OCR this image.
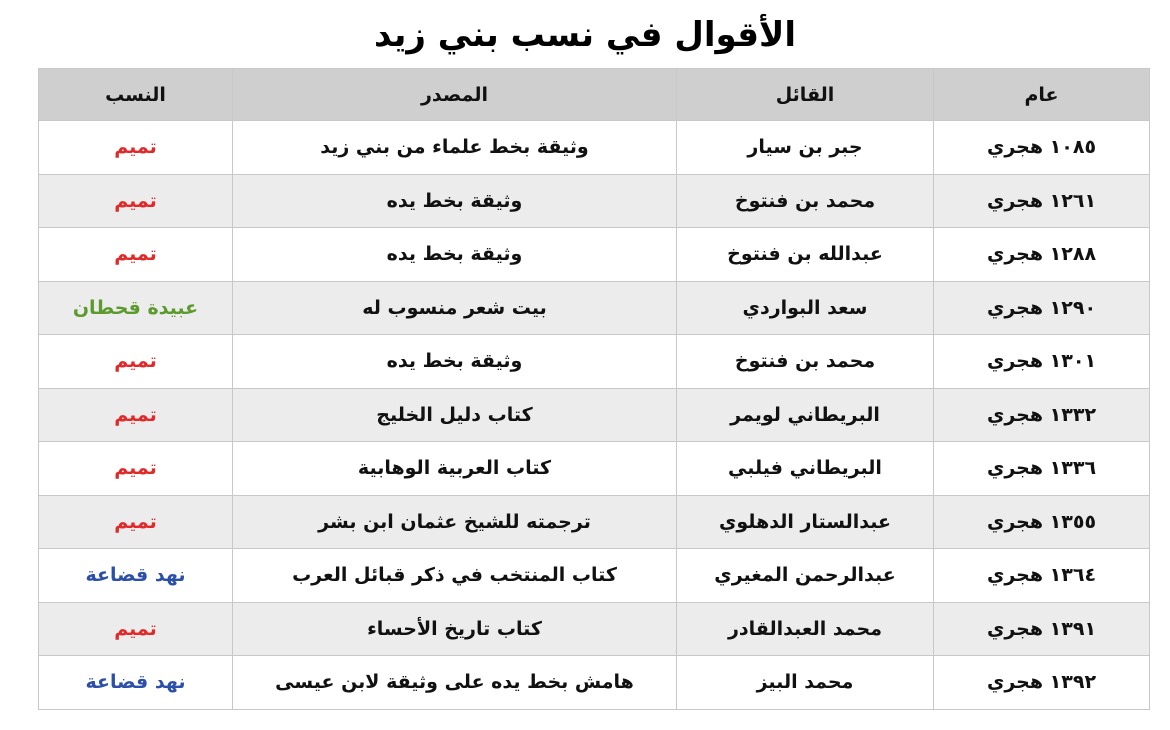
الأقوال في نسب بني زيد
عام	القائل	المصدر	النسب
١٠٨٥ هجري	جبر بن سيار	وثيقة بخط علماء من بني زيد	تميم
١٢٦١ هجري	محمد بن فنتوخ	وثيقة بخط يده	تميم
١٢٨٨ هجري	عبدالله بن فنتوخ	وثيقة بخط يده	تميم
١٢٩٠ هجري	سعد البواردي	بيت شعر منسوب له	عبيدة قحطان
١٣٠١ هجري	محمد بن فنتوخ	وثيقة بخط يده	تميم
١٣٣٢ هجري	البريطاني لويمر	كتاب دليل الخليج	تميم
١٣٣٦ هجري	البريطاني فيلبي	كتاب العربية الوهابية	تميم
١٣٥٥ هجري	عبدالستار الدهلوي	ترجمته للشيخ عثمان ابن بشر	تميم
١٣٦٤ هجري	عبدالرحمن المغيري	كتاب المنتخب في ذكر قبائل العرب	نهد قضاعة
١٣٩١ هجري	محمد العبدالقادر	كتاب تاريخ الأحساء	تميم
١٣٩٢ هجري	محمد البيز	هامش بخط يده على وثيقة لابن عيسى	نهد قضاعة
